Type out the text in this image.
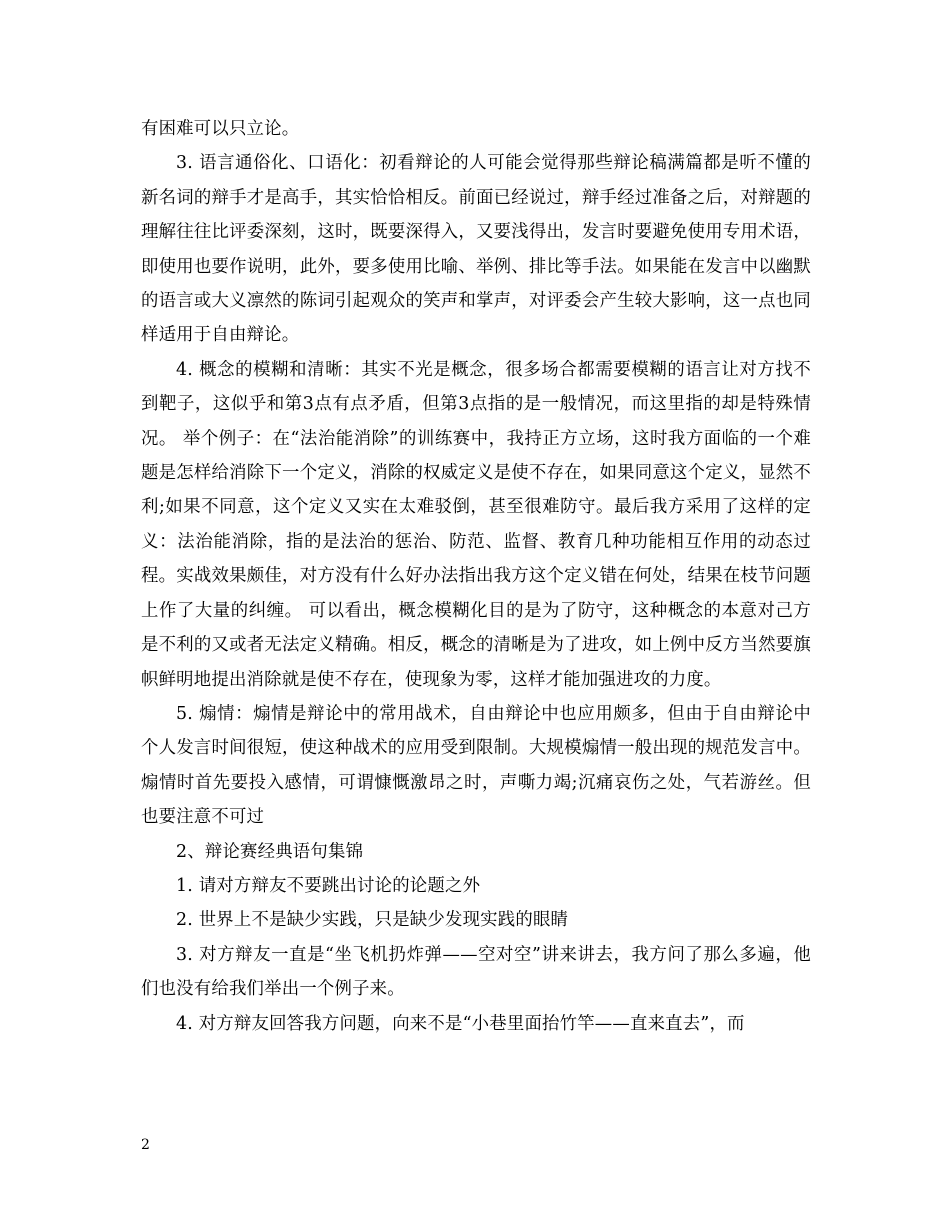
有困难可以只立论。

3. 语言通俗化、口语化：初看辩论的人可能会觉得那些辩论稿满篇都是听不懂的新名词的辩手才是高手，其实恰恰相反。前面已经说过，辩手经过准备之后，对辩题的理解往往比评委深刻，这时，既要深得入，又要浅得出，发言时要避免使用专用术语，即使用也要作说明，此外，要多使用比喻、举例、排比等手法。如果能在发言中以幽默的语言或大义凛然的陈词引起观众的笑声和掌声，对评委会产生较大影响，这一点也同样适用于自由辩论。

4. 概念的模糊和清晰：其实不光是概念，很多场合都需要模糊的语言让对方找不到靶子，这似乎和第3点有点矛盾，但第3点指的是一般情况，而这里指的却是特殊情况。 举个例子：在“法治能消除”的训练赛中，我持正方立场，这时我方面临的一个难题是怎样给消除下一个定义，消除的权威定义是使不存在，如果同意这个定义，显然不利;如果不同意，这个定义又实在太难驳倒，甚至很难防守。最后我方采用了这样的定义：法治能消除，指的是法治的惩治、防范、监督、教育几种功能相互作用的动态过程。实战效果颇佳，对方没有什么好办法指出我方这个定义错在何处，结果在枝节问题上作了大量的纠缠。 可以看出，概念模糊化目的是为了防守，这种概念的本意对己方是不利的又或者无法定义精确。相反，概念的清晰是为了进攻，如上例中反方当然要旗帜鲜明地提出消除就是使不存在，使现象为零，这样才能加强进攻的力度。

5. 煽情：煽情是辩论中的常用战术，自由辩论中也应用颇多，但由于自由辩论中个人发言时间很短，使这种战术的应用受到限制。大规模煽情一般出现的规范发言中。 煽情时首先要投入感情，可谓慷慨激昂之时，声嘶力竭;沉痛哀伤之处，气若游丝。但也要注意不可过

2、辩论赛经典语句集锦

1. 请对方辩友不要跳出讨论的论题之外

2. 世界上不是缺少实践，只是缺少发现实践的眼睛

3. 对方辩友一直是“坐飞机扔炸弹——空对空”讲来讲去，我方问了那么多遍，他们也没有给我们举出一个例子来。

4. 对方辩友回答我方问题，向来不是“小巷里面抬竹竿——直来直去”，而

2
